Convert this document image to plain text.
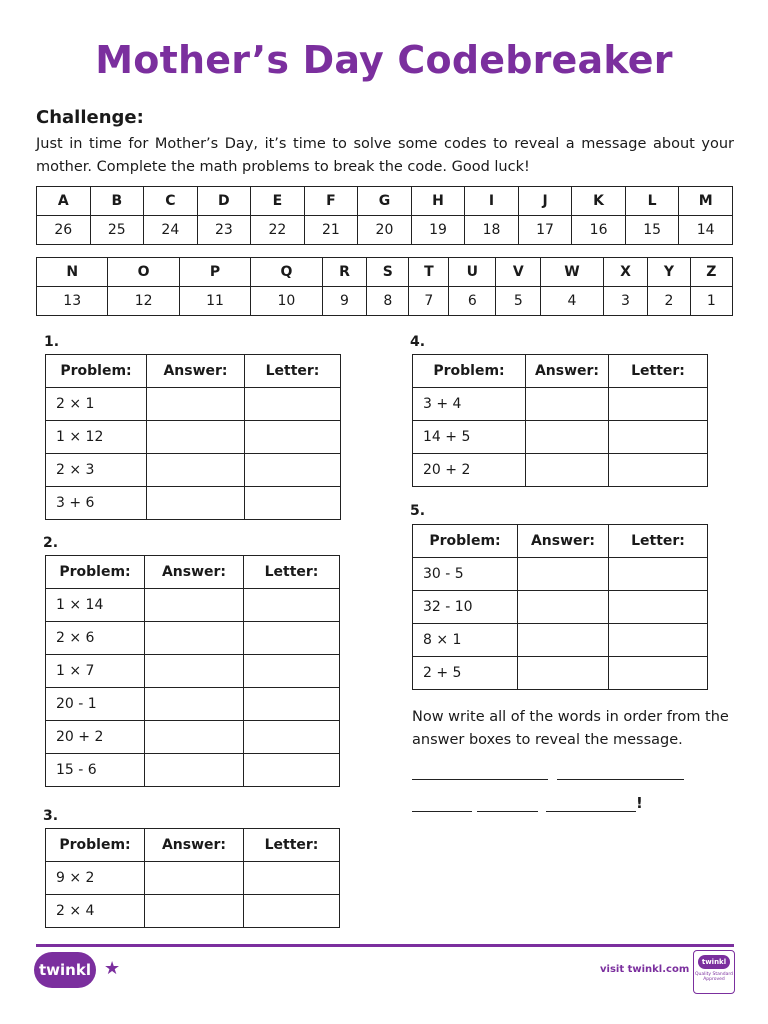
Mother’s Day Codebreaker
Challenge:
Just in time for Mother’s Day, it’s time to solve some codes to reveal a message about your mother. Complete the math problems to break the code. Good luck!
A	B	C	D	E	F	G	H	I	J	K	L	M
26	25	24	23	22	21	20	19	18	17	16	15	14
N	O	P	Q	R	S	T	U	V	W	X	Y	Z
13	12	11	10	9	8	7	6	5	4	3	2	1
1.
Problem:	Answer:	Letter:
2 × 1		
1 × 12		
2 × 3		
3 + 6		
2.
Problem:	Answer:	Letter:
1 × 14		
2 × 6		
1 × 7		
20 - 1		
20 + 2		
15 - 6		
3.
Problem:	Answer:	Letter:
9 × 2		
2 × 4		
4.
Problem:	Answer:	Letter:
3 + 4		
14 + 5		
20 + 2		
5.
Problem:	Answer:	Letter:
30 - 5		
32 - 10		
8 × 1		
2 + 5		
Now write all of the words in order from the answer boxes to reveal the message.
!
twinkl ★	visit twinkl.com
twinkl
Quality Standard Approved
